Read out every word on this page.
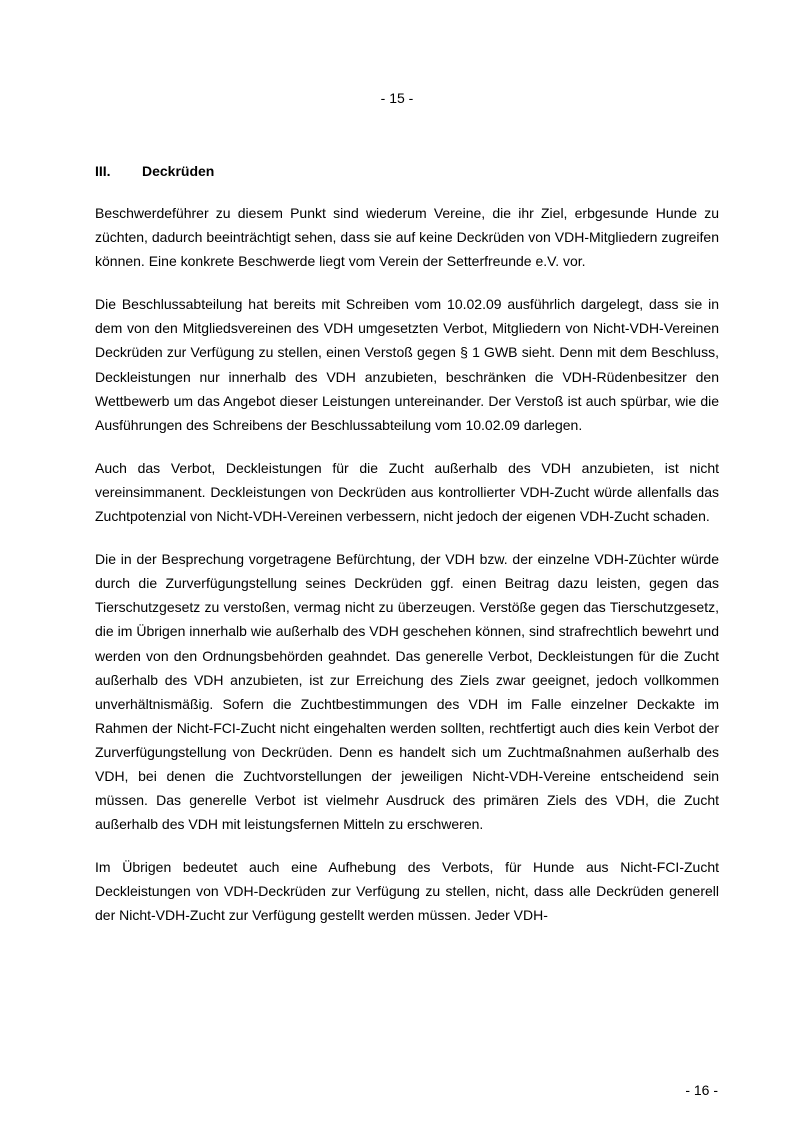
- 15 -
III. Deckrüden

Beschwerdeführer zu diesem Punkt sind wiederum Vereine, die ihr Ziel, erbgesunde Hunde zu züchten, dadurch beeinträchtigt sehen, dass sie auf keine Deckrüden von VDH-Mitgliedern zugreifen können. Eine konkrete Beschwerde liegt vom Verein der Setterfreunde e.V. vor.

Die Beschlussabteilung hat bereits mit Schreiben vom 10.02.09 ausführlich dargelegt, dass sie in dem von den Mitgliedsvereinen des VDH umgesetzten Verbot, Mitgliedern von Nicht-VDH-Vereinen Deckrüden zur Verfügung zu stellen, einen Verstoß gegen § 1 GWB sieht. Denn mit dem Beschluss, Deckleistungen nur innerhalb des VDH anzubieten, beschränken die VDH-Rüdenbesitzer den Wettbewerb um das Angebot dieser Leistungen untereinander. Der Verstoß ist auch spürbar, wie die Ausführungen des Schreibens der Beschlussabteilung vom 10.02.09 darlegen.

Auch das Verbot, Deckleistungen für die Zucht außerhalb des VDH anzubieten, ist nicht vereinsimmanent. Deckleistungen von Deckrüden aus kontrollierter VDH-Zucht würde allenfalls das Zuchtpotenzial von Nicht-VDH-Vereinen verbessern, nicht jedoch der eigenen VDH-Zucht schaden.

Die in der Besprechung vorgetragene Befürchtung, der VDH bzw. der einzelne VDH-Züchter würde durch die Zurverfügungstellung seines Deckrüden ggf. einen Beitrag dazu leisten, gegen das Tierschutzgesetz zu verstoßen, vermag nicht zu überzeugen. Verstöße gegen das Tierschutzgesetz, die im Übrigen innerhalb wie außerhalb des VDH geschehen können, sind strafrechtlich bewehrt und werden von den Ordnungsbehörden geahndet. Das generelle Verbot, Deckleistungen für die Zucht außerhalb des VDH anzubieten, ist zur Erreichung des Ziels zwar geeignet, jedoch vollkommen unverhältnismäßig. Sofern die Zuchtbestimmungen des VDH im Falle einzelner Deckakte im Rahmen der Nicht-FCI-Zucht nicht eingehalten werden sollten, rechtfertigt auch dies kein Verbot der Zurverfügungstellung von Deckrüden. Denn es handelt sich um Zuchtmaßnahmen außerhalb des VDH, bei denen die Zuchtvorstellungen der jeweiligen Nicht-VDH-Vereine entscheidend sein müssen. Das generelle Verbot ist vielmehr Ausdruck des primären Ziels des VDH, die Zucht außerhalb des VDH mit leistungsfernen Mitteln zu erschweren.

Im Übrigen bedeutet auch eine Aufhebung des Verbots, für Hunde aus Nicht-FCI-Zucht Deckleistungen von VDH-Deckrüden zur Verfügung zu stellen, nicht, dass alle Deckrüden generell der Nicht-VDH-Zucht zur Verfügung gestellt werden müssen. Jeder VDH-

- 16 -
